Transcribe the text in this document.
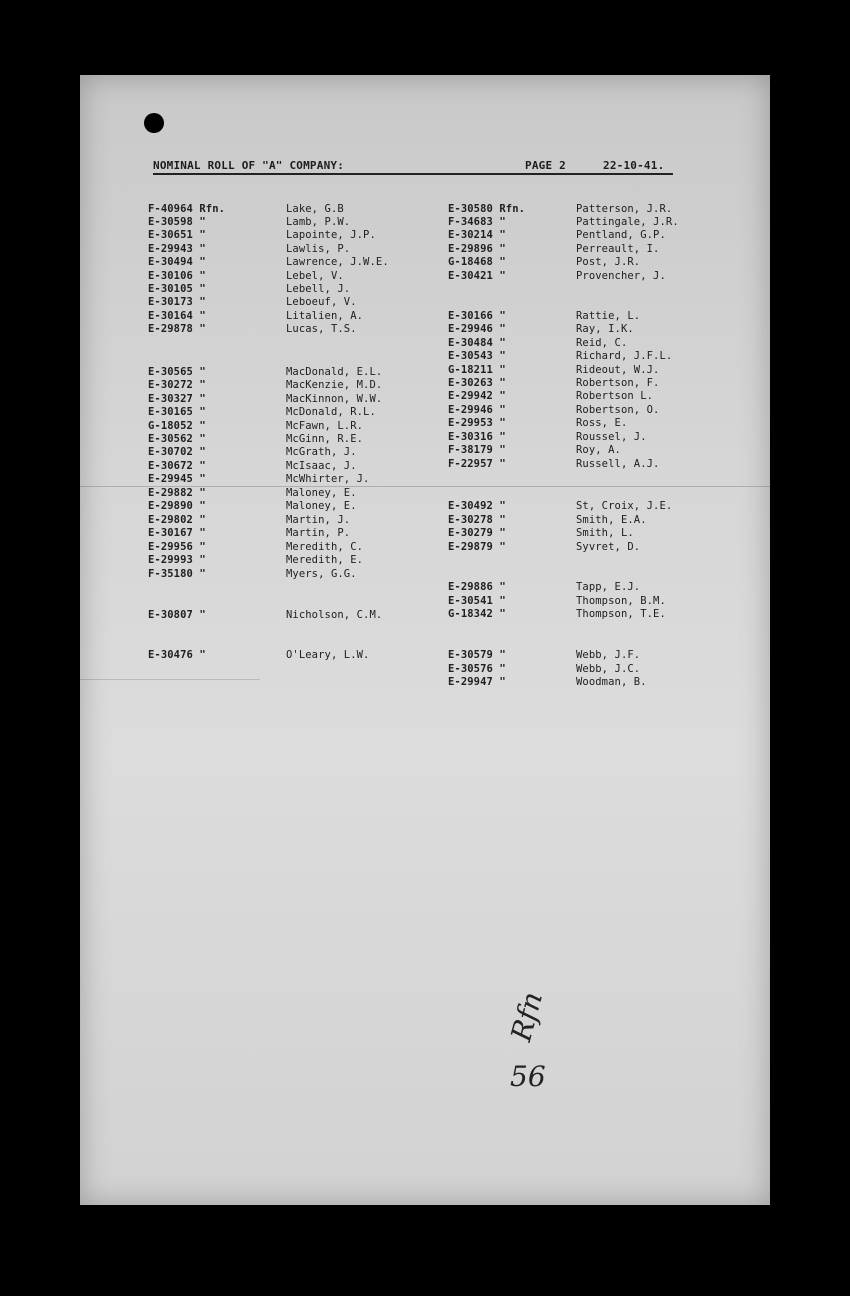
NOMINAL ROLL OF "A" COMPANY:	PAGE 2	22-10-41.
F-40964 Rfn.	Lake, G.B
E-30598 "	Lamb, P.W.
E-30651 "	Lapointe, J.P.
E-29943 "	Lawlis, P.
E-30494 "	Lawrence, J.W.E.
E-30106 "	Lebel, V.
E-30105 "	Lebell, J.
E-30173 "	Leboeuf, V.
E-30164 "	Litalien, A.
E-29878 "	Lucas, T.S.
E-30565 "	MacDonald, E.L.
E-30272 "	MacKenzie, M.D.
E-30327 "	MacKinnon, W.W.
E-30165 "	McDonald, R.L.
G-18052 "	McFawn, L.R.
E-30562 "	McGinn, R.E.
E-30702 "	McGrath, J.
E-30672 "	McIsaac, J.
E-29945 "	McWhirter, J.
E-29882 "	Maloney, E.
E-29890 "	Maloney, E.
E-29802 "	Martin, J.
E-30167 "	Martin, P.
E-29956 "	Meredith, C.
E-29993 "	Meredith, E.
F-35180 "	Myers, G.G.
E-30807 "	Nicholson, C.M.
E-30476 "	O'Leary, L.W.
E-30580 Rfn.	Patterson, J.R.
F-34683 "	Pattingale, J.R.
E-30214 "	Pentland, G.P.
E-29896 "	Perreault, I.
G-18468 "	Post, J.R.
E-30421 "	Provencher, J.
E-30166 "	Rattie, L.
E-29946 "	Ray, I.K.
E-30484 "	Reid, C.
E-30543 "	Richard, J.F.L.
G-18211 "	Rideout, W.J.
E-30263 "	Robertson, F.
E-29942 "	Robertson L.
E-29946 "	Robertson, O.
E-29953 "	Ross, E.
E-30316 "	Roussel, J.
F-38179 "	Roy, A.
F-22957 "	Russell, A.J.
E-30492 "	St, Croix, J.E.
E-30278 "	Smith, E.A.
E-30279 "	Smith, L.
E-29879 "	Syvret, D.
E-29886 "	Tapp, E.J.
E-30541 "	Thompson, B.M.
G-18342 "	Thompson, T.E.
E-30579 "	Webb, J.F.
E-30576 "	Webb, J.C.
E-29947 "	Woodman, B.
Rfn
56
